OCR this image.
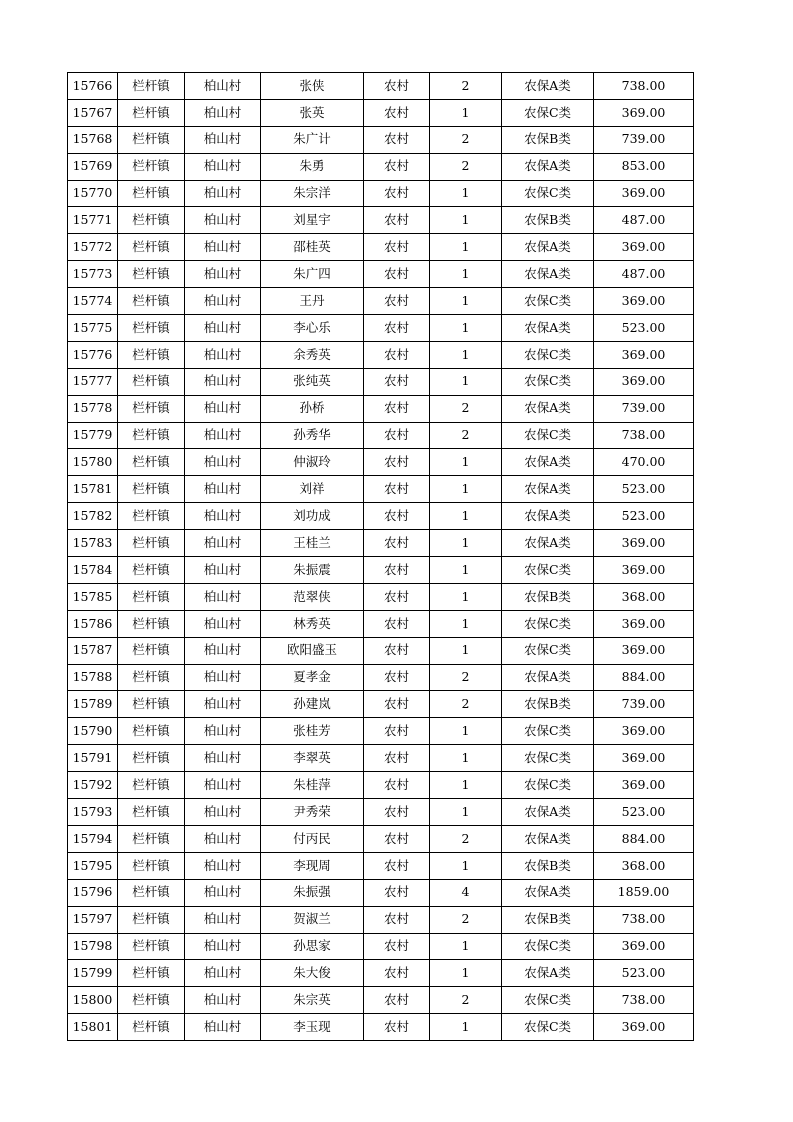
15766	栏杆镇	柏山村	张侠	农村	2	农保A类	738.00
15767	栏杆镇	柏山村	张英	农村	1	农保C类	369.00
15768	栏杆镇	柏山村	朱广计	农村	2	农保B类	739.00
15769	栏杆镇	柏山村	朱勇	农村	2	农保A类	853.00
15770	栏杆镇	柏山村	朱宗洋	农村	1	农保C类	369.00
15771	栏杆镇	柏山村	刘星宇	农村	1	农保B类	487.00
15772	栏杆镇	柏山村	邵桂英	农村	1	农保A类	369.00
15773	栏杆镇	柏山村	朱广四	农村	1	农保A类	487.00
15774	栏杆镇	柏山村	王丹	农村	1	农保C类	369.00
15775	栏杆镇	柏山村	李心乐	农村	1	农保A类	523.00
15776	栏杆镇	柏山村	余秀英	农村	1	农保C类	369.00
15777	栏杆镇	柏山村	张纯英	农村	1	农保C类	369.00
15778	栏杆镇	柏山村	孙桥	农村	2	农保A类	739.00
15779	栏杆镇	柏山村	孙秀华	农村	2	农保C类	738.00
15780	栏杆镇	柏山村	仲淑玲	农村	1	农保A类	470.00
15781	栏杆镇	柏山村	刘祥	农村	1	农保A类	523.00
15782	栏杆镇	柏山村	刘功成	农村	1	农保A类	523.00
15783	栏杆镇	柏山村	王桂兰	农村	1	农保A类	369.00
15784	栏杆镇	柏山村	朱振震	农村	1	农保C类	369.00
15785	栏杆镇	柏山村	范翠侠	农村	1	农保B类	368.00
15786	栏杆镇	柏山村	林秀英	农村	1	农保C类	369.00
15787	栏杆镇	柏山村	欧阳盛玉	农村	1	农保C类	369.00
15788	栏杆镇	柏山村	夏孝金	农村	2	农保A类	884.00
15789	栏杆镇	柏山村	孙建岚	农村	2	农保B类	739.00
15790	栏杆镇	柏山村	张桂芳	农村	1	农保C类	369.00
15791	栏杆镇	柏山村	李翠英	农村	1	农保C类	369.00
15792	栏杆镇	柏山村	朱桂萍	农村	1	农保C类	369.00
15793	栏杆镇	柏山村	尹秀荣	农村	1	农保A类	523.00
15794	栏杆镇	柏山村	付丙民	农村	2	农保A类	884.00
15795	栏杆镇	柏山村	李现周	农村	1	农保B类	368.00
15796	栏杆镇	柏山村	朱振强	农村	4	农保A类	1859.00
15797	栏杆镇	柏山村	贺淑兰	农村	2	农保B类	738.00
15798	栏杆镇	柏山村	孙思家	农村	1	农保C类	369.00
15799	栏杆镇	柏山村	朱大俊	农村	1	农保A类	523.00
15800	栏杆镇	柏山村	朱宗英	农村	2	农保C类	738.00
15801	栏杆镇	柏山村	李玉现	农村	1	农保C类	369.00
